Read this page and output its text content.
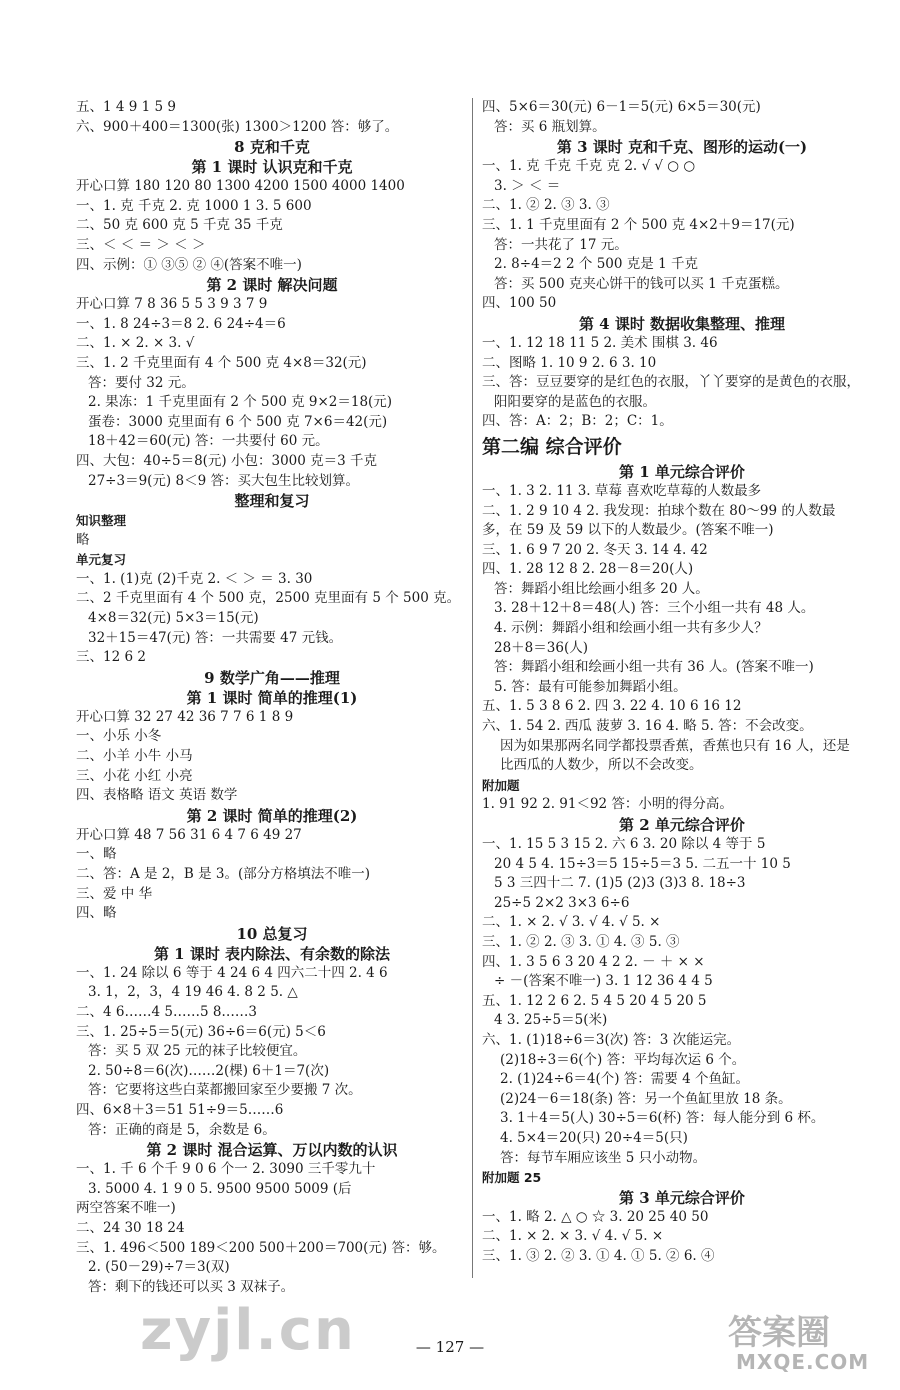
五、1 4 9 1 5 9
六、900＋400＝1300(张) 1300＞1200 答：够了。
8 克和千克
第 1 课时 认识克和千克
开心口算 180 120 80 1300 4200 1500 4000 1400
一、1. 克 千克 2. 克 1000 1 3. 5 600
二、50 克 600 克 5 千克 35 千克
三、＜ ＜ ＝ ＞ ＜ ＞
四、示例：① ③⑤ ② ④(答案不唯一)
第 2 课时 解决问题
开心口算 7 8 36 5 5 3 9 3 7 9
一、1. 8 24÷3＝8 2. 6 24÷4＝6
二、1. × 2. × 3. √
三、1. 2 千克里面有 4 个 500 克 4×8＝32(元)
答：要付 32 元。
2. 果冻：1 千克里面有 2 个 500 克 9×2＝18(元)
蛋卷：3000 克里面有 6 个 500 克 7×6＝42(元)
18＋42＝60(元) 答：一共要付 60 元。
四、大包：40÷5＝8(元) 小包：3000 克＝3 千克
27÷3＝9(元) 8＜9 答：买大包生比较划算。
整理和复习
知识整理
略
单元复习
一、1. (1)克 (2)千克 2. ＜ ＞ ＝ 3. 30
二、2 千克里面有 4 个 500 克，2500 克里面有 5 个 500 克。
4×8＝32(元) 5×3＝15(元)
32＋15＝47(元) 答：一共需要 47 元钱。
三、12 6 2
9 数学广角——推理
第 1 课时 简单的推理(1)
开心口算 32 27 42 36 7 7 6 1 8 9
一、小乐 小冬
二、小羊 小牛 小马
三、小花 小红 小亮
四、表格略 语文 英语 数学
第 2 课时 简单的推理(2)
开心口算 48 7 56 31 6 4 7 6 49 27
一、略
二、答：A 是 2，B 是 3。(部分方格填法不唯一)
三、爱 中 华
四、略
10 总复习
第 1 课时 表内除法、有余数的除法
一、1. 24 除以 6 等于 4 24 6 4 四六二十四 2. 4 6
3. 1，2，3，4 19 46 4. 8 2 5. △
二、4 6……4 5……5 8……3
三、1. 25÷5＝5(元) 36÷6＝6(元) 5＜6
答：买 5 双 25 元的袜子比较便宜。
2. 50÷8＝6(次)……2(棵) 6＋1＝7(次)
答：它要将这些白菜都搬回家至少要搬 7 次。
四、6×8＋3＝51 51÷9＝5……6
答：正确的商是 5，余数是 6。
第 2 课时 混合运算、万以内数的认识
一、1. 千 6 个千 9 0 6 个一 2. 3090 三千零九十
3. 5000 4. 1 9 0 5. 9500 9500 5009 (后
两空答案不唯一)
二、24 30 18 24
三、1. 496＜500 189＜200 500＋200＝700(元) 答：够。
2. (50－29)÷7＝3(双)
答：剩下的钱还可以买 3 双袜子。
四、5×6＝30(元) 6－1＝5(元) 6×5＝30(元)
答：买 6 瓶划算。
第 3 课时 克和千克、图形的运动(一)
一、1. 克 千克 千克 克 2. √ √ ○ ○
3. ＞ ＜ ＝
二、1. ② 2. ③ 3. ③
三、1. 1 千克里面有 2 个 500 克 4×2＋9＝17(元)
答：一共花了 17 元。
2. 8÷4＝2 2 个 500 克是 1 千克
答：买 500 克夹心饼干的钱可以买 1 千克蛋糕。
四、100 50
第 4 课时 数据收集整理、推理
一、1. 12 18 11 5 2. 美术 围棋 3. 46
二、图略 1. 10 9 2. 6 3. 10
三、答：豆豆要穿的是红色的衣服，丫丫要穿的是黄色的衣服，
阳阳要穿的是蓝色的衣服。
四、答：A：2；B：2；C：1。
第二编 综合评价
第 1 单元综合评价
一、1. 3 2. 11 3. 草莓 喜欢吃草莓的人数最多
二、1. 2 9 10 4 2. 我发现：拍球个数在 80～99 的人数最
多，在 59 及 59 以下的人数最少。(答案不唯一)
三、1. 6 9 7 20 2. 冬天 3. 14 4. 42
四、1. 28 12 8 2. 28－8＝20(人)
答：舞蹈小组比绘画小组多 20 人。
3. 28＋12＋8＝48(人) 答：三个小组一共有 48 人。
4. 示例：舞蹈小组和绘画小组一共有多少人？
28＋8＝36(人)
答：舞蹈小组和绘画小组一共有 36 人。(答案不唯一)
5. 答：最有可能参加舞蹈小组。
五、1. 5 3 8 6 2. 四 3. 22 4. 10 6 16 12
六、1. 54 2. 西瓜 菠萝 3. 16 4. 略 5. 答：不会改变。
因为如果那两名同学都投票香蕉，香蕉也只有 16 人，还是
比西瓜的人数少，所以不会改变。
附加题
1. 91 92 2. 91＜92 答：小明的得分高。
第 2 单元综合评价
一、1. 15 5 3 15 2. 六 6 3. 20 除以 4 等于 5
20 4 5 4. 15÷3＝5 15÷5＝3 5. 二五一十 10 5
5 3 三四十二 7. (1)5 (2)3 (3)3 8. 18÷3
25÷5 2×2 3×3 6÷6
二、1. × 2. √ 3. √ 4. √ 5. ×
三、1. ② 2. ③ 3. ① 4. ③ 5. ③
四、1. 3 5 6 3 20 4 2 2. － ＋ × ×
÷ －(答案不唯一) 3. 1 12 36 4 4 5
五、1. 12 2 6 2. 5 4 5 20 4 5 20 5
4 3. 25÷5＝5(米)
六、1. (1)18÷6＝3(次) 答：3 次能运完。
(2)18÷3＝6(个) 答：平均每次运 6 个。
2. (1)24÷6＝4(个) 答：需要 4 个鱼缸。
(2)24－6＝18(条) 答：另一个鱼缸里放 18 条。
3. 1＋4＝5(人) 30÷5＝6(杯) 答：每人能分到 6 杯。
4. 5×4＝20(只) 20÷4＝5(只)
答：每节车厢应该坐 5 只小动物。
附加题 25
第 3 单元综合评价
一、1. 略 2. △ ○ ☆ 3. 20 25 40 50
二、1. × 2. × 3. √ 4. √ 5. ×
三、1. ③ 2. ② 3. ① 4. ① 5. ② 6. ④
— 127 —
zyjl.cn	答案圈
MXQE.COM
